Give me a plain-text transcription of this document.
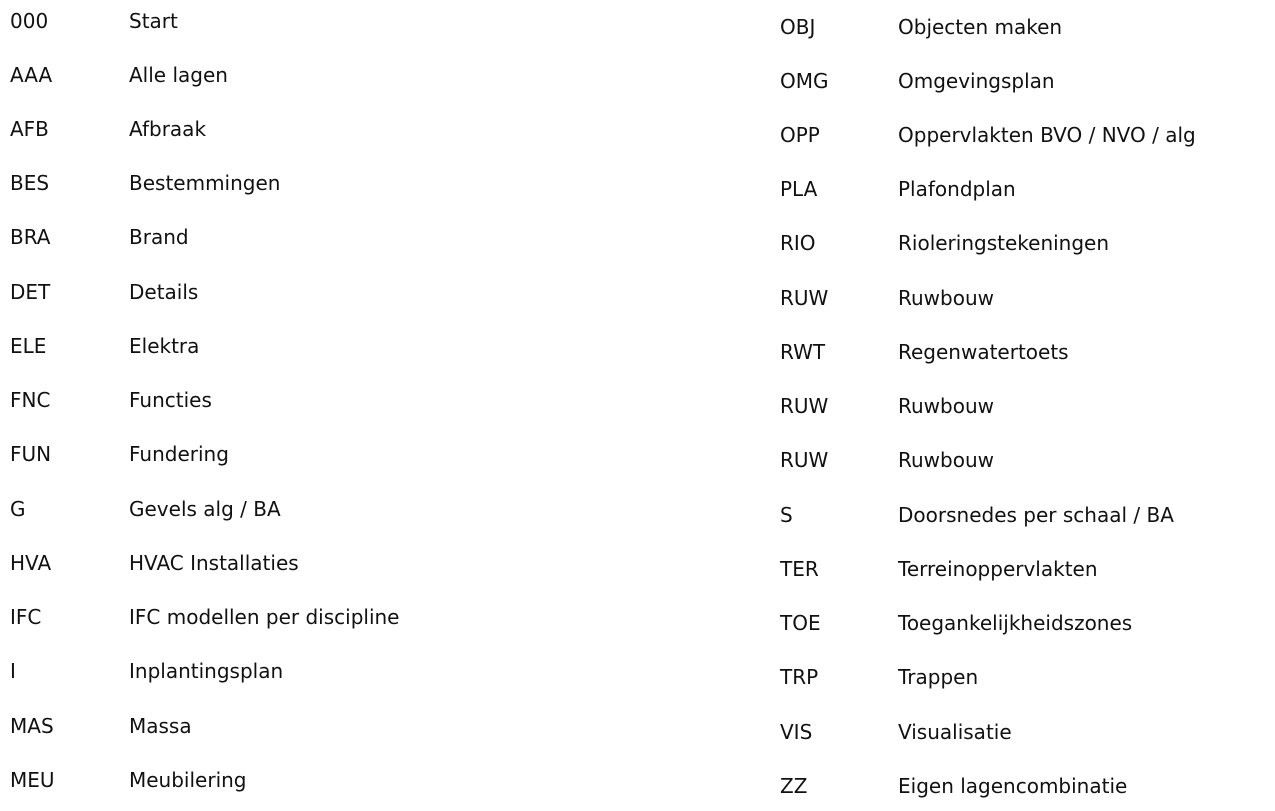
000	Start
AAA	Alle lagen
AFB	Afbraak
BES	Bestemmingen
BRA	Brand
DET	Details
ELE	Elektra
FNC	Functies
FUN	Fundering
G	Gevels alg / BA
HVA	HVAC Installaties
IFC	IFC modellen per discipline
I	Inplantingsplan
MAS	Massa
MEU	Meubilering
OBJ	Objecten maken
OMG	Omgevingsplan
OPP	Oppervlakten BVO / NVO / alg
PLA	Plafondplan
RIO	Rioleringstekeningen
RUW	Ruwbouw
RWT	Regenwatertoets
RUW	Ruwbouw
RUW	Ruwbouw
S	Doorsnedes per schaal / BA
TER	Terreinoppervlakten
TOE	Toegankelijkheidszones
TRP	Trappen
VIS	Visualisatie
ZZ	Eigen lagencombinatie
